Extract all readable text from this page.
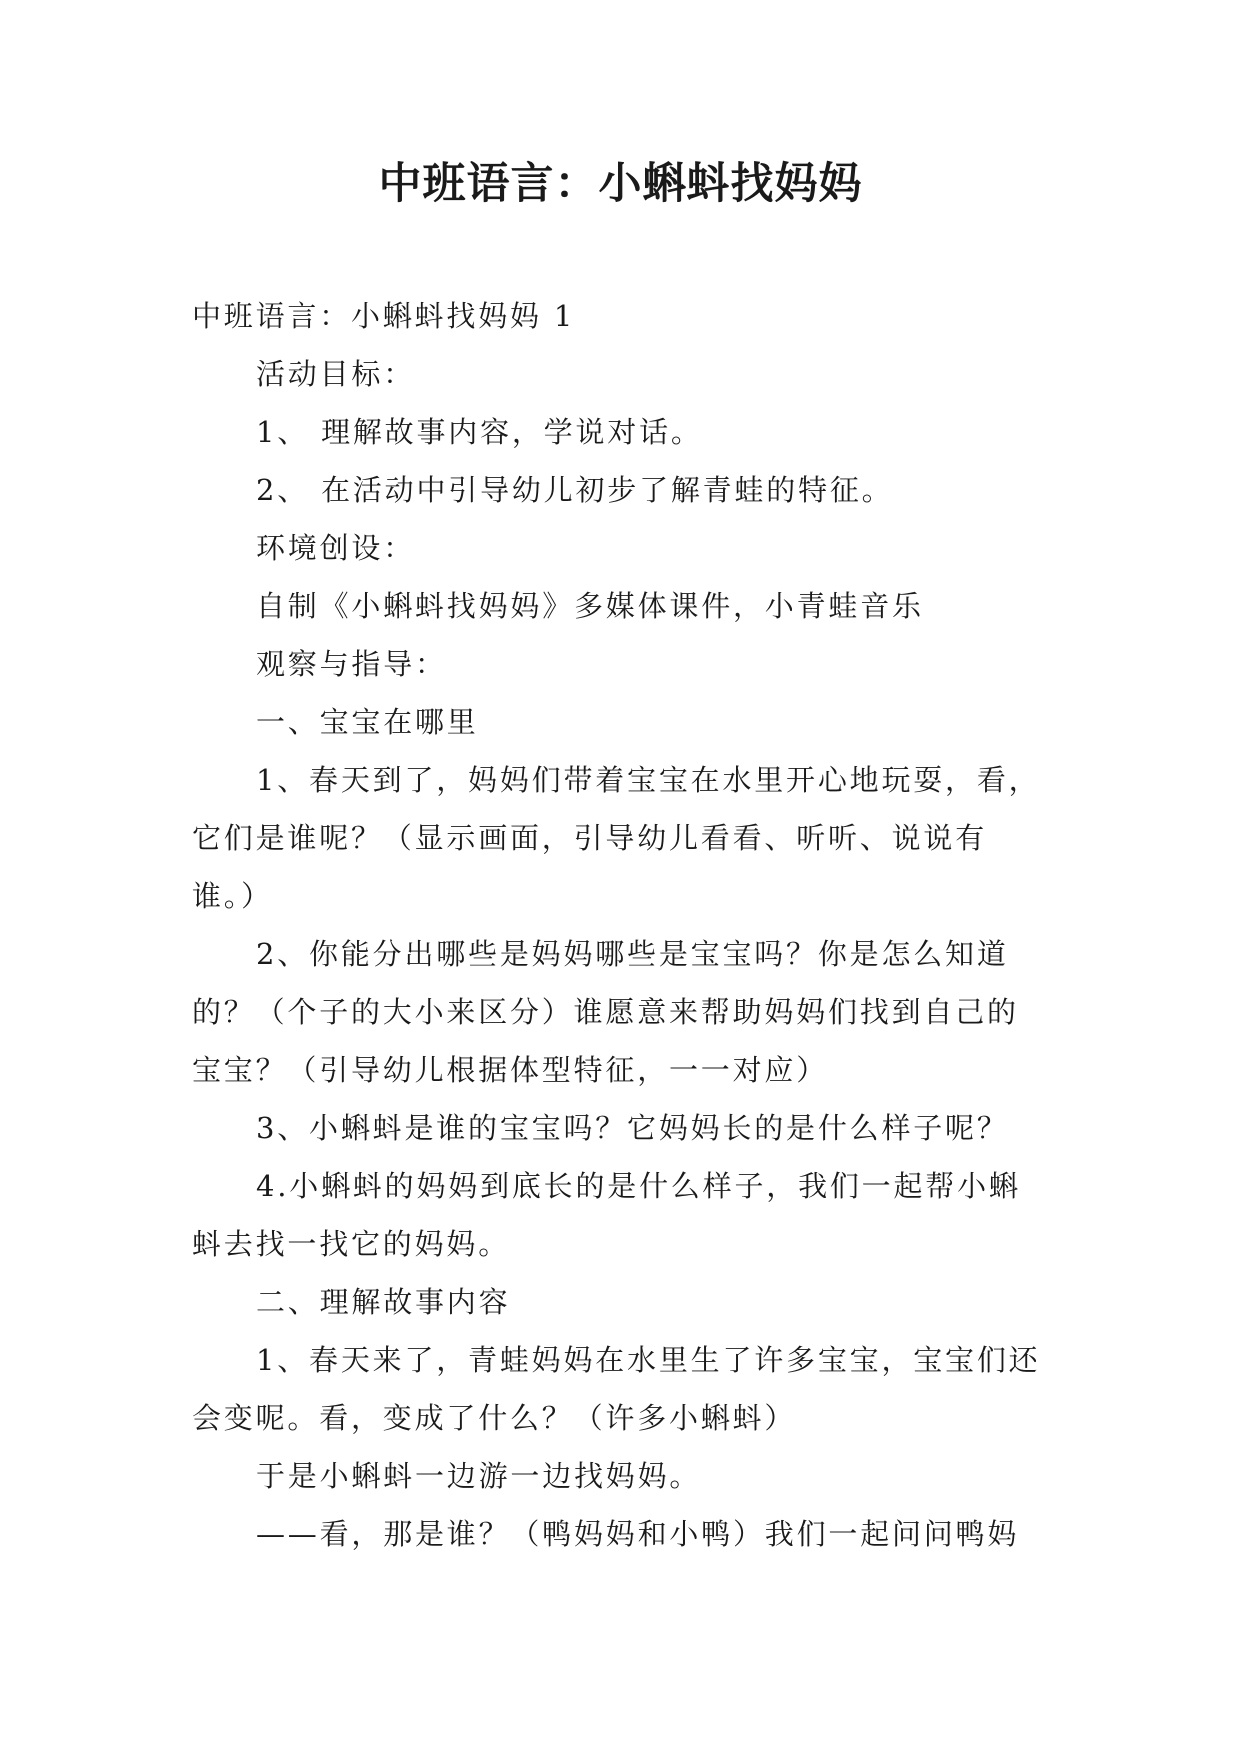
中班语言：小蝌蚪找妈妈

中班语言：小蝌蚪找妈妈 1

活动目标：

1、 理解故事内容，学说对话。

2、 在活动中引导幼儿初步了解青蛙的特征。

环境创设：

自制《小蝌蚪找妈妈》多媒体课件，小青蛙音乐

观察与指导：

一、宝宝在哪里

1、春天到了，妈妈们带着宝宝在水里开心地玩耍，看，它们是谁呢？（显示画面，引导幼儿看看、听听、说说有谁。）

2、你能分出哪些是妈妈哪些是宝宝吗？你是怎么知道的？（个子的大小来区分）谁愿意来帮助妈妈们找到自己的宝宝？（引导幼儿根据体型特征，一一对应）

3、小蝌蚪是谁的宝宝吗？它妈妈长的是什么样子呢？

4.小蝌蚪的妈妈到底长的是什么样子，我们一起帮小蝌蚪去找一找它的妈妈。

二、理解故事内容

1、春天来了，青蛙妈妈在水里生了许多宝宝，宝宝们还会变呢。看，变成了什么？（许多小蝌蚪）

于是小蝌蚪一边游一边找妈妈。

——看，那是谁？（鸭妈妈和小鸭）我们一起问问鸭妈
